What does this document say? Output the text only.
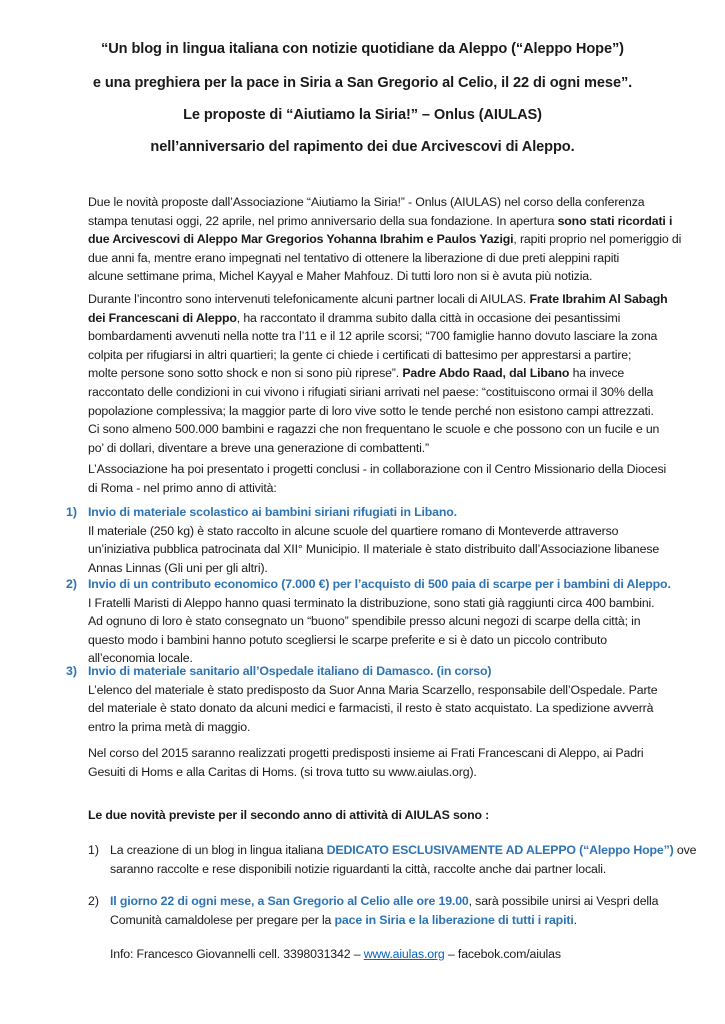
“Un blog in lingua italiana con notizie quotidiane da Aleppo (“Aleppo Hope”)
e una preghiera per la pace in Siria a San Gregorio al Celio, il 22 di ogni mese”.
Le proposte di “Aiutiamo la Siria!” – Onlus (AIULAS)
nell’anniversario del rapimento dei due Arcivescovi di Aleppo.
Due le novità proposte dall’Associazione “Aiutiamo la Siria!” - Onlus (AIULAS) nel corso della conferenza
stampa tenutasi oggi, 22 aprile, nel primo anniversario della sua fondazione. In apertura sono stati ricordati i
due Arcivescovi di Aleppo Mar Gregorios Yohanna Ibrahim e Paulos Yazigi, rapiti proprio nel pomeriggio di
due anni fa, mentre erano impegnati nel tentativo di ottenere la liberazione di due preti aleppini rapiti
alcune settimane prima, Michel Kayyal e Maher Mahfouz. Di tutti loro non si è avuta più notizia.
Durante l’incontro sono intervenuti telefonicamente alcuni partner locali di AIULAS. Frate Ibrahim Al Sabagh
dei Francescani di Aleppo, ha raccontato il dramma subito dalla città in occasione dei pesantissimi
bombardamenti avvenuti nella notte tra l’11 e il 12 aprile scorsi; “700 famiglie hanno dovuto lasciare la zona
colpita per rifugiarsi in altri quartieri; la gente ci chiede i certificati di battesimo per apprestarsi a partire;
molte persone sono sotto shock e non si sono più riprese”. Padre Abdo Raad, dal Libano ha invece
raccontato delle condizioni in cui vivono i rifugiati siriani arrivati nel paese: “costituiscono ormai il 30% della
popolazione complessiva; la maggior parte di loro vive sotto le tende perché non esistono campi attrezzati.
Ci sono almeno 500.000 bambini e ragazzi che non frequentano le scuole e che possono con un fucile e un
po’ di dollari, diventare a breve una generazione di combattenti.”
L’Associazione ha poi presentato i progetti conclusi - in collaborazione con il Centro Missionario della Diocesi
di Roma - nel primo anno di attività:
1) Invio di materiale scolastico ai bambini siriani rifugiati in Libano.
Il materiale (250 kg) è stato raccolto in alcune scuole del quartiere romano di Monteverde attraverso
un’iniziativa pubblica patrocinata dal XII° Municipio. Il materiale è stato distribuito dall’Associazione libanese
Annas Linnas (Gli uni per gli altri).
2) Invio di un contributo economico (7.000 €) per l’acquisto di 500 paia di scarpe per i bambini di Aleppo.
I Fratelli Maristi di Aleppo hanno quasi terminato la distribuzione, sono stati già raggiunti circa 400 bambini.
Ad ognuno di loro è stato consegnato un “buono” spendibile presso alcuni negozi di scarpe della città; in
questo modo i bambini hanno potuto scegliersi le scarpe preferite e si è dato un piccolo contributo
all’economia locale.
3) Invio di materiale sanitario all’Ospedale italiano di Damasco. (in corso)
L’elenco del materiale è stato predisposto da Suor Anna Maria Scarzello, responsabile dell’Ospedale. Parte
del materiale è stato donato da alcuni medici e farmacisti, il resto è stato acquistato. La spedizione avverrà
entro la prima metà di maggio.
Nel corso del 2015 saranno realizzati progetti predisposti insieme ai Frati Francescani di Aleppo, ai Padri
Gesuiti di Homs e alla Caritas di Homs. (si trova tutto su www.aiulas.org).
Le due novità previste per il secondo anno di attività di AIULAS sono :
1) La creazione di un blog in lingua italiana DEDICATO ESCLUSIVAMENTE AD ALEPPO (“Aleppo Hope”) ove
saranno raccolte e rese disponibili notizie riguardanti la città, raccolte anche dai partner locali.
2) Il giorno 22 di ogni mese, a San Gregorio al Celio alle ore 19.00, sarà possibile unirsi ai Vespri della
Comunità camaldolese per pregare per la pace in Siria e la liberazione di tutti i rapiti.
Info: Francesco Giovannelli cell. 3398031342 – www.aiulas.org – facebok.com/aiulas
